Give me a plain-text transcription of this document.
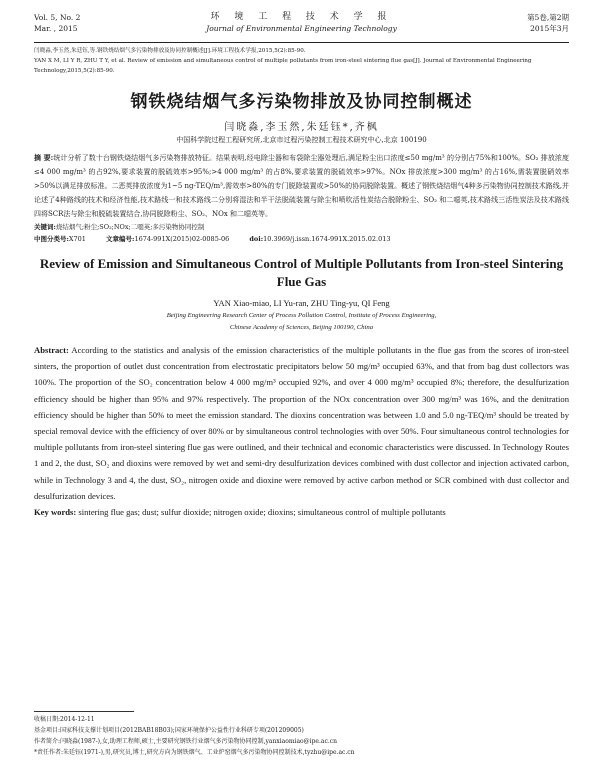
Vol. 5, No. 2
Mar. , 2015
环 境 工 程 技 术 学 报
Journal of Environmental Engineering Technology
第5卷,第2期
2015年3月
闫晓淼,李玉然,朱廷钰,等.钢铁烧结烟气多污染物排放及协同控制概述[J].环境工程技术学报,2015,5(2):85-90.
YAN X M, LI Y R, ZHU T Y, et al. Review of emission and simultaneous control of multiple pollutants from iron-steel sintering flue gas[J]. Journal of Environmental Engineering Technology,2015,5(2):85-90.
钢铁烧结烟气多污染物排放及协同控制概述
闫晓淼,李玉然,朱廷钰*,齐枫
中国科学院过程工程研究所,北京市过程污染控制工程技术研究中心,北京 100190
摘 要:统计分析了数十台钢铁烧结烟气多污染物排放特征。结果表明,经电除尘器和布袋除尘器处理后,满足粉尘出口浓度≤50 mg/m³ 的分别占75%和100%。SO₂ 排放浓度≤4 000 mg/m³ 的占92%,要求装置的脱硫效率>95%;>4 000 mg/m³ 的占8%,要求装置的脱硫效率>97%。NOx 排放浓度>300 mg/m³ 的占16%,需装置脱硝效率>50%以满足排放标准。二恶英排放浓度为1~5 ng-TEQ/m³,需效率>80%的专门脱除装置或>50%的协同脱除装置。概述了钢铁烧结烟气4种多污染物协同控制技术路线,并论述了4种路线的技术和经济性能,技术路线一和技术路线二分别将湿法和半干法脱硫装置与除尘和喷吹活性炭结合脱除粉尘、SO₂ 和二噁英,技术路线三活性炭法及技术路线四将SCR法与除尘和脱硫装置结合,协同脱除粉尘、SO₂、NOx 和二噁英等。
关键词:烧结烟气;粉尘;SO₂;NOx;二噁英;多污染物协同控制
中图分类号:X701	文章编号:1674-991X(2015)02-0085-06	doi:10.3969/j.issn.1674-991X.2015.02.013
Review of Emission and Simultaneous Control of Multiple Pollutants from Iron-steel Sintering Flue Gas
YAN Xiao-miao, LI Yu-ran, ZHU Ting-yu, QI Feng
Beijing Engineering Research Center of Process Pollution Control, Institute of Process Engineering,
Chinese Academy of Sciences, Beijing 100190, China
Abstract: According to the statistics and analysis of the emission characteristics of the multiple pollutants in the flue gas from the scores of iron-steel sinters, the proportion of outlet dust concentration from electrostatic precipitators below 50 mg/m³ occupied 63%, and that from bag dust collectors was 100%. The proportion of the SO₂ concentration below 4 000 mg/m³ occupied 92%, and over 4 000 mg/m³ occupied 8%; therefore, the desulfurization efficiency should be higher than 95% and 97% respectively. The proportion of the NOx concentration over 300 mg/m³ was 16%, and the denitration efficiency should be higher than 50% to meet the emission standard. The dioxins concentration was between 1.0 and 5.0 ng-TEQ/m³ should be treated by special removal device with the efficiency of over 80% or by simultaneous control technologies with over 50%. Four simultaneous control technologies for multiple pollutants from iron-steel sintering flue gas were outlined, and their technical and economic characteristics were discussed. In Technology Routes 1 and 2, the dust, SO₂ and dioxins were removed by wet and semi-dry desulfurization devices combined with dust collector and injection activated carbon, while in Technology 3 and 4, the dust, SO₂, nitrogen oxide and dioxine were removed by active carbon method or SCR combined with dust collector and desulfurization devices.
Key words: sintering flue gas; dust; sulfur dioxide; nitrogen oxide; dioxins; simultaneous control of multiple pollutants
收稿日期:2014-12-11
基金项目:国家科技支撑计划项目(2012BAB18B03);国家环境保护公益性行业科研专项(201209005)
作者简介:闫晓淼(1987-),女,助理工程师,硕士,主要研究钢铁行业烟气多污染物协同控制,yanxiaomiao@ipe.ac.cn
*责任作者:朱廷钰(1971-),男,研究员,博士,研究方向为钢铁烟气、工业炉窑烟气多污染物协同控制技术,tyzhu@ipe.ac.cn
